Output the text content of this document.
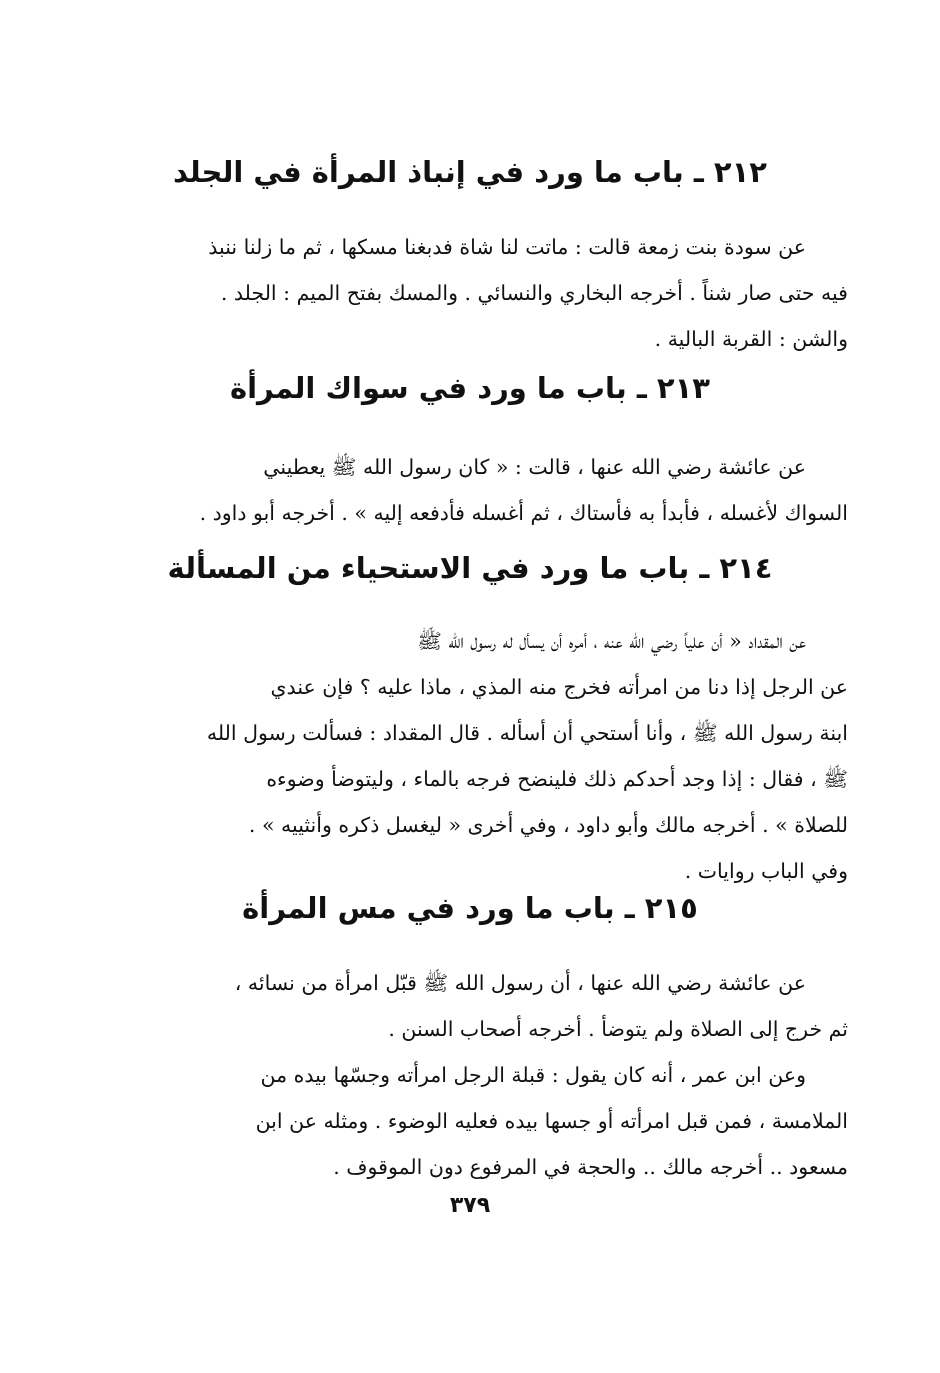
٢١٢ ـ باب ما ورد في إنباذ المرأة في الجلد
عن سودة بنت زمعة قالت : ماتت لنا شاة فدبغنا مسكها ، ثم ما زلنا ننبذ
فيه حتى صار شناً . أخرجه البخاري والنسائي . والمسك بفتح الميم : الجلد .
والشن : القربة البالية .
٢١٣ ـ باب ما ورد في سواك المرأة
عن عائشة رضي الله عنها ، قالت : « كان رسول الله ﷺ يعطيني
السواك لأغسله ، فأبدأ به فأستاك ، ثم أغسله فأدفعه إليه » . أخرجه أبو داود .
٢١٤ ـ باب ما ورد في الاستحياء من المسألة
عن المقداد « أن علياً رضي الله عنه ، أمره أن يسأل له رسول الله ﷺ
عن الرجل إذا دنا من امرأته فخرج منه المذي ، ماذا عليه ؟ فإن عندي
ابنة رسول الله ﷺ ، وأنا أستحي أن أسأله . قال المقداد : فسألت رسول الله
ﷺ ، فقال : إذا وجد أحدكم ذلك فلينضح فرجه بالماء ، وليتوضأ وضوءه
للصلاة » . أخرجه مالك وأبو داود ، وفي أخرى « ليغسل ذكره وأنثييه » .
وفي الباب روايات .
٢١٥ ـ باب ما ورد في مس المرأة
عن عائشة رضي الله عنها ، أن رسول الله ﷺ قبّل امرأة من نسائه ،
ثم خرج إلى الصلاة ولم يتوضأ . أخرجه أصحاب السنن .
وعن ابن عمر ، أنه كان يقول : قبلة الرجل امرأته وجسّها بيده من
الملامسة ، فمن قبل امرأته أو جسها بيده فعليه الوضوء . ومثله عن ابن
مسعود .. أخرجه مالك .. والحجة في المرفوع دون الموقوف .
٣٧٩
